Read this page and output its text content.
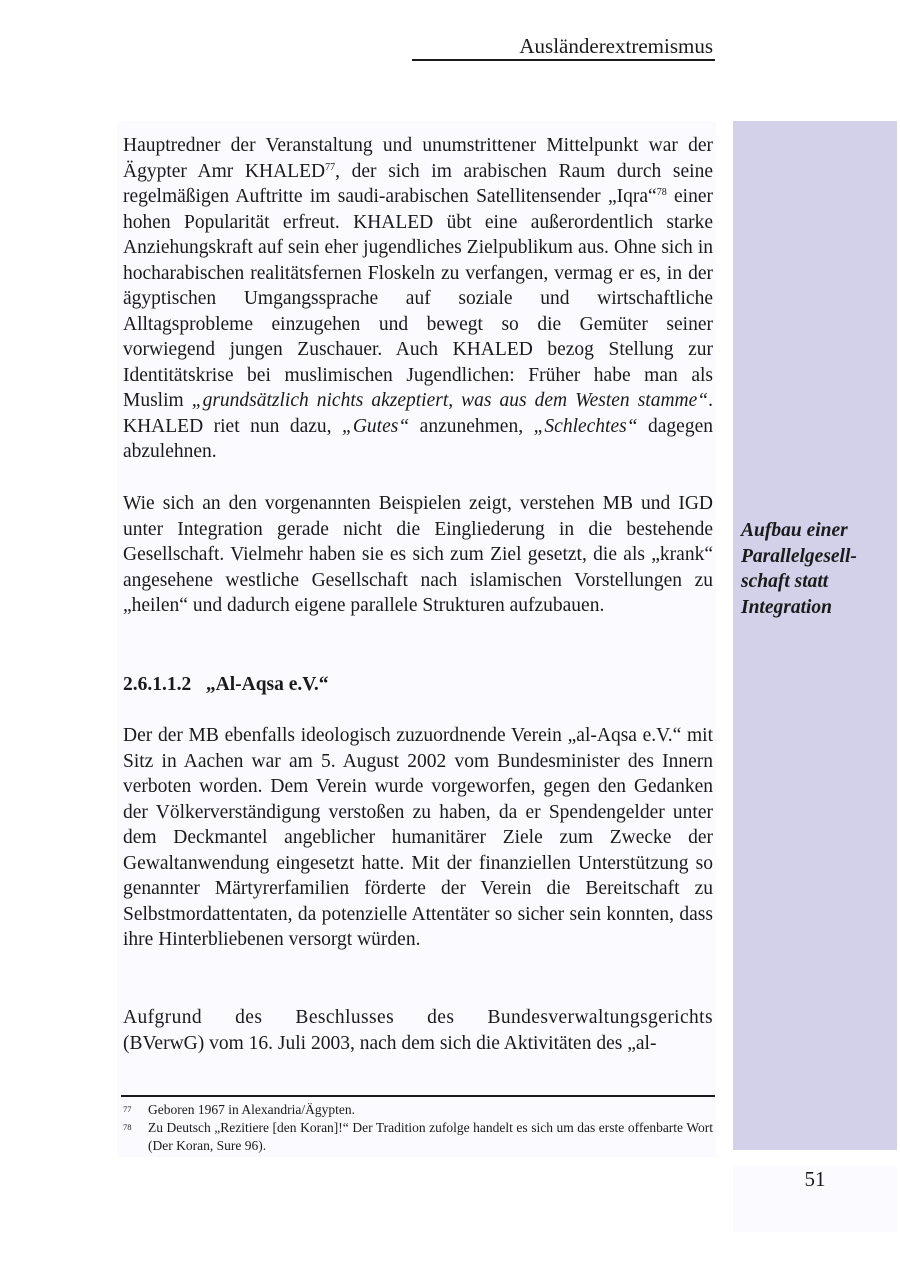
Ausländerextremismus
Aufbau einer
Parallelgesell-
schaft statt
Integration
Hauptredner der Veranstaltung und unumstrittener Mittelpunkt war der Ägypter Amr KHALED$^{77}$, der sich im arabischen Raum durch seine regelmäßigen Auftritte im saudi-arabischen Satellitensender „Iqra“$^{78}$ einer hohen Popularität erfreut. KHALED übt eine außerordentlich starke Anziehungskraft auf sein eher jugendliches Zielpublikum aus. Ohne sich in hocharabischen realitätsfernen Floskeln zu verfangen, vermag er es, in der ägyptischen Umgangssprache auf soziale und wirtschaftliche Alltagsprobleme einzugehen und bewegt so die Gemüter seiner vorwiegend jungen Zuschauer. Auch KHALED bezog Stellung zur Identitätskrise bei muslimischen Jugendlichen: Früher habe man als Muslim „grundsätzlich nichts akzeptiert, was aus dem Westen stamme“. KHALED riet nun dazu, „Gutes“ anzunehmen, „Schlechtes“ dagegen abzulehnen.
Wie sich an den vorgenannten Beispielen zeigt, verstehen MB und IGD unter Integration gerade nicht die Eingliederung in die bestehende Gesellschaft. Vielmehr haben sie es sich zum Ziel gesetzt, die als „krank“ angesehene westliche Gesellschaft nach islamischen Vorstellungen zu „heilen“ und dadurch eigene parallele Strukturen aufzubauen.
2.6.1.1.2   „Al-Aqsa e.V.“
Der der MB ebenfalls ideologisch zuzuordnende Verein „al-Aqsa e.V.“ mit Sitz in Aachen war am 5. August 2002 vom Bundesminister des Innern verboten worden. Dem Verein wurde vorgeworfen, gegen den Gedanken der Völkerverständigung verstoßen zu haben, da er Spendengelder unter dem Deckmantel angeblicher humanitärer Ziele zum Zwecke der Gewaltanwendung eingesetzt hatte. Mit der finanziellen Unterstützung so genannter Märtyrerfamilien förderte der Verein die Bereitschaft zu Selbstmordattentaten, da potenzielle Attentäter so sicher sein konnten, dass ihre Hinterbliebenen versorgt würden.
Aufgrund des Beschlusses des Bundesverwaltungsgerichts
(BVerwG) vom 16. Juli 2003, nach dem sich die Aktivitäten des „al-
77 Geboren 1967 in Alexandria/Ägypten.
78 Zu Deutsch „Rezitiere [den Koran]!“ Der Tradition zufolge handelt es sich um das erste offenbarte Wort (Der Koran, Sure 96).
51
